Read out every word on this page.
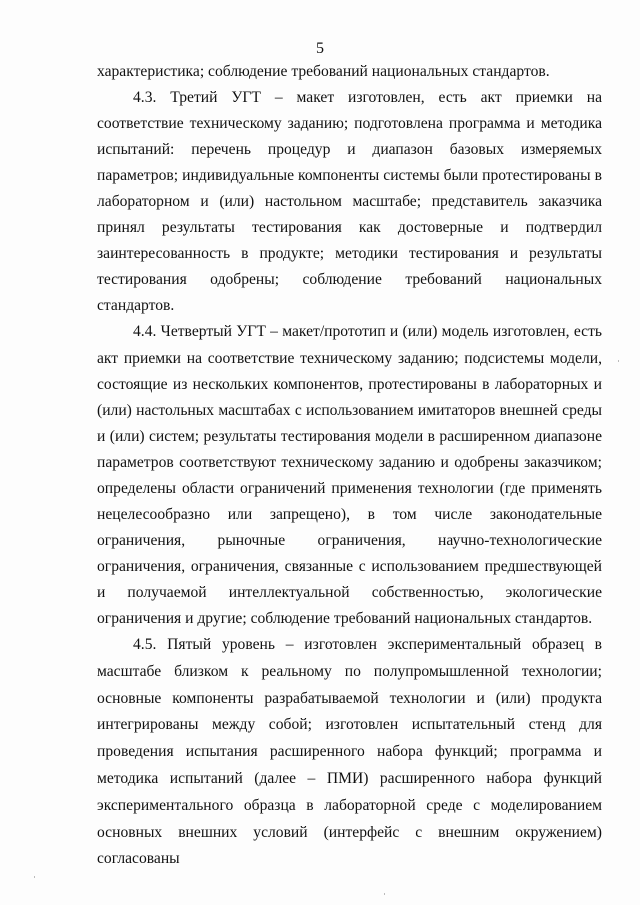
5

характеристика; соблюдение требований национальных стандартов.

4.3. Третий УГТ – макет изготовлен, есть акт приемки на соответствие техническому заданию; подготовлена программа и методика испытаний: перечень процедур и диапазон базовых измеряемых параметров; индивидуальные компоненты системы были протестированы в лабораторном и (или) настольном масштабе; представитель заказчика принял результаты тестирования как достоверные и подтвердил заинтересованность в продукте; методики тестирования и результаты тестирования одобрены; соблюдение требований национальных стандартов.

4.4. Четвертый УГТ – макет/прототип и (или) модель изготовлен, есть акт приемки на соответствие техническому заданию; подсистемы модели, состоящие из нескольких компонентов, протестированы в лабораторных и (или) настольных масштабах с использованием имитаторов внешней среды и (или) систем; результаты тестирования модели в расширенном диапазоне параметров соответствуют техническому заданию и одобрены заказчиком; определены области ограничений применения технологии (где применять нецелесообразно или запрещено), в том числе законодательные ограничения, рыночные ограничения, научно-технологические ограничения, ограничения, связанные с использованием предшествующей и получаемой интеллектуальной собственностью, экологические ограничения и другие; соблюдение требований национальных стандартов.

4.5. Пятый уровень – изготовлен экспериментальный образец в масштабе близком к реальному по полупромышленной технологии; основные компоненты разрабатываемой технологии и (или) продукта интегрированы между собой; изготовлен испытательный стенд для проведения испытания расширенного набора функций; программа и методика испытаний (далее – ПМИ) расширенного набора функций экспериментального образца в лабораторной среде с моделированием основных внешних условий (интерфейс с внешним окружением) согласованы
